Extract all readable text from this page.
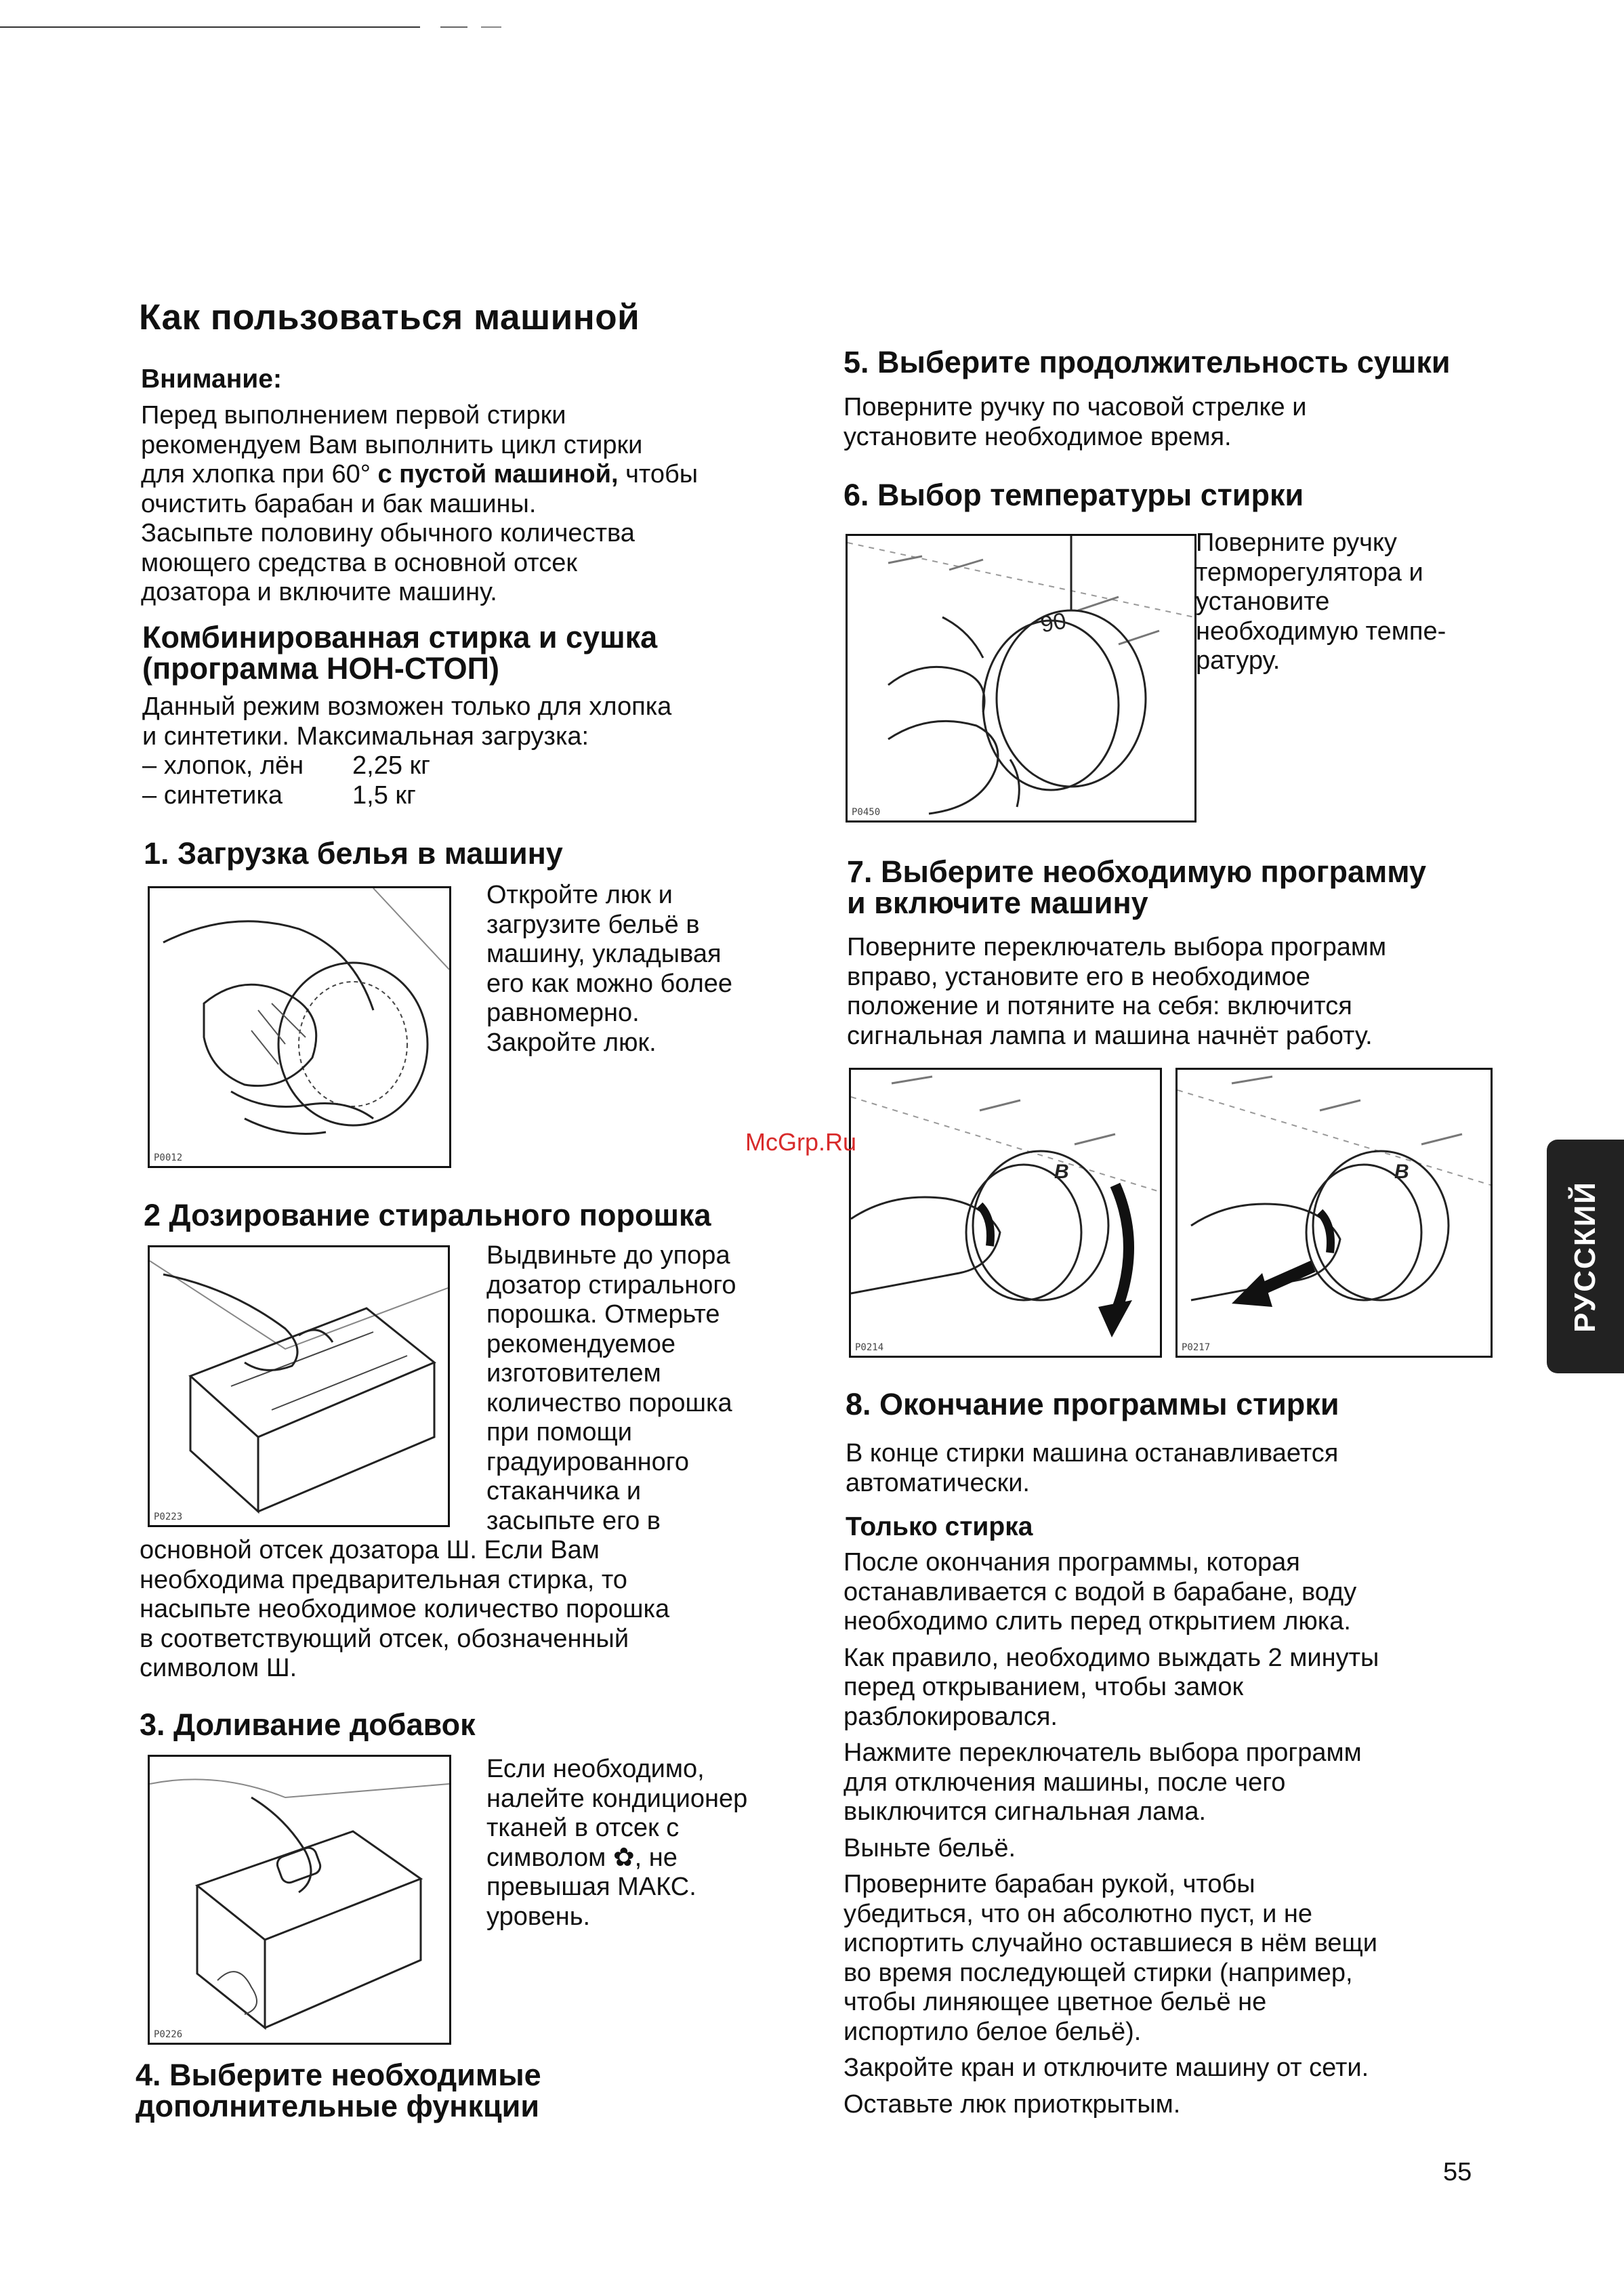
Как пользоваться машиной
Внимание:
Перед выполнением первой стирки
рекомендуем Вам выполнить цикл стирки
для хлопка при 60° с пустой машиной, чтобы
очистить барабан и бак машины.
Засыпьте половину обычного количества
моющего средства в основной отсек
дозатора и включите машину.
Комбинированная стирка и сушка
(программа НОН-СТОП)
Данный режим возможен только для хлопка
и синтетики. Максимальная загрузка:
– хлопок, лён	2,25 кг
– синтетика	1,5 кг
1. Загрузка белья в машину
P0012
Откройте люк и
загрузите бельё в
машину, укладывая
его как можно более
равномерно.
Закройте люк.
2 Дозирование стирального порошка
P0223
Выдвиньте до упора
дозатор стирального
порошка. Отмерьте
рекомендуемое
изготовителем
количество порошка
при помощи
градуированного
стаканчика и
засыпьте его в
основной отсек дозатора Ш. Если Вам
необходима предварительная стирка, то
насыпьте необходимое количество порошка
в соответствующий отсек, обозначенный
символом Ш.
3. Доливание добавок
P0226
Если необходимо,
налейте кондиционер
тканей в отсек с
символом ✿, не
превышая МАКС.
уровень.
4. Выберите необходимые
дополнительные функции
5. Выберите продолжительность сушки
Поверните ручку по часовой стрелке и
установите необходимое время.
6. Выбор температуры стирки
90
P0450
Поверните ручку
терморегулятора и
установите
необходимую темпе-
ратуру.
7. Выберите необходимую программу
и включите машину
Поверните переключатель выбора программ
вправо, установите его в необходимое
положение и потяните на себя: включится
сигнальная лампа и машина начнёт работу.
B
P0214
B
P0217
8. Окончание программы стирки
В конце стирки машина останавливается
автоматически.
Только стирка
После окончания программы, которая
останавливается с водой в барабане, воду
необходимо слить перед открытием люка.
Как правило, необходимо выждать 2 минуты
перед открыванием, чтобы замок
разблокировался.
Нажмите переключатель выбора программ
для отключения машины, после чего
выключится сигнальная лама.
Выньте бельё.
Проверните барабан рукой, чтобы
убедиться, что он абсолютно пуст, и не
испортить случайно оставшиеся в нём вещи
во время последующей стирки (например,
чтобы линяющее цветное бельё не
испортило белое бельё).
Закройте кран и отключите машину от сети.
Оставьте люк приоткрытым.
РУССКИЙ
McGrp.Ru
55
